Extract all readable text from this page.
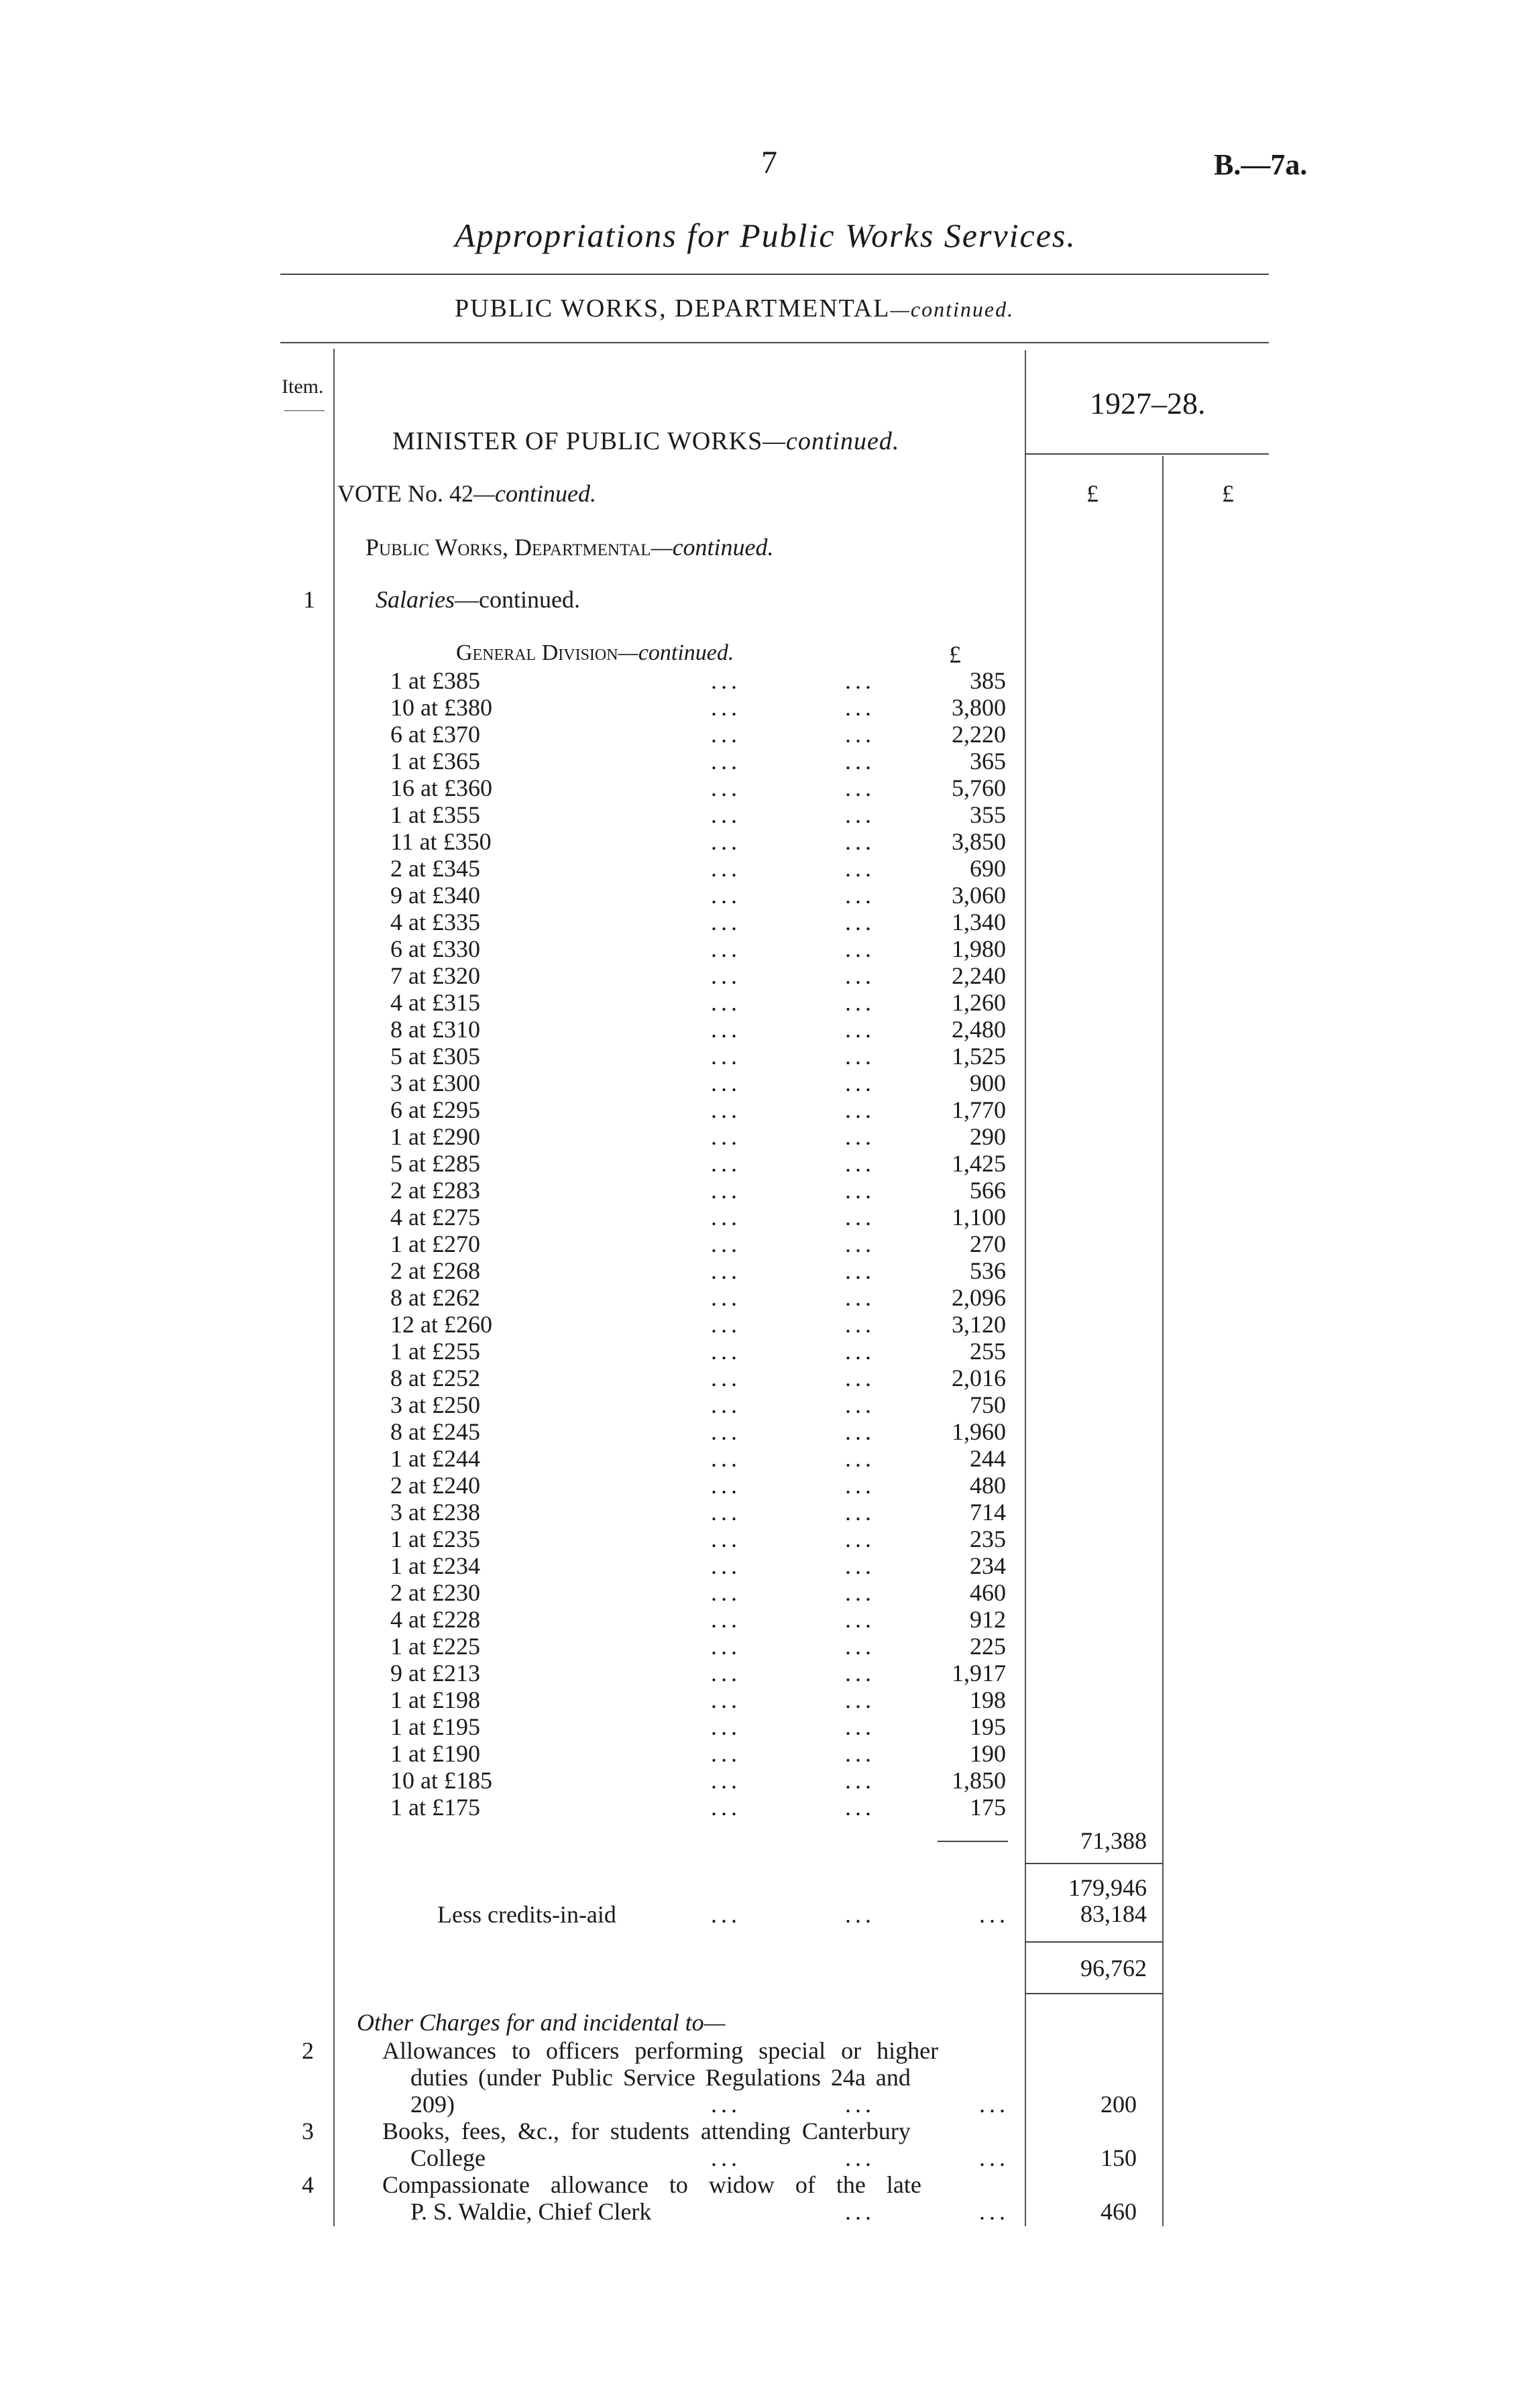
7	B.—7a.
Appropriations for Public Works Services.
PUBLIC WORKS, DEPARTMENTAL—continued.
Item.	1927–28.
£	£
MINISTER OF PUBLIC WORKS—continued.
VOTE No. 42—continued.
Public Works, Departmental—continued.
1	Salaries—continued.
General Division—continued.	£
1 at £385	...	...	385
10 at £380	...	...	3,800
6 at £370	...	...	2,220
1 at £365	...	...	365
16 at £360	...	...	5,760
1 at £355	...	...	355
11 at £350	...	...	3,850
2 at £345	...	...	690
9 at £340	...	...	3,060
4 at £335	...	...	1,340
6 at £330	...	...	1,980
7 at £320	...	...	2,240
4 at £315	...	...	1,260
8 at £310	...	...	2,480
5 at £305	...	...	1,525
3 at £300	...	...	900
6 at £295	...	...	1,770
1 at £290	...	...	290
5 at £285	...	...	1,425
2 at £283	...	...	566
4 at £275	...	...	1,100
1 at £270	...	...	270
2 at £268	...	...	536
8 at £262	...	...	2,096
12 at £260	...	...	3,120
1 at £255	...	...	255
8 at £252	...	...	2,016
3 at £250	...	...	750
8 at £245	...	...	1,960
1 at £244	...	...	244
2 at £240	...	...	480
3 at £238	...	...	714
1 at £235	...	...	235
1 at £234	...	...	234
2 at £230	...	...	460
4 at £228	...	...	912
1 at £225	...	...	225
9 at £213	...	...	1,917
1 at £198	...	...	198
1 at £195	...	...	195
1 at £190	...	...	190
10 at £185	...	...	1,850
1 at £175	...	...	175
71,388
179,946
Less credits-in-aid	...	...	...	83,184
96,762
Other Charges for and incidental to—
2	Allowances to officers performing special or higher
duties (under Public Service Regulations 24a and
209)	...	...	...	200
3	Books, fees, &c., for students attending Canterbury
College	...	...	...	150
4	Compassionate allowance to widow of the late
P. S. Waldie, Chief Clerk	...	...	460
